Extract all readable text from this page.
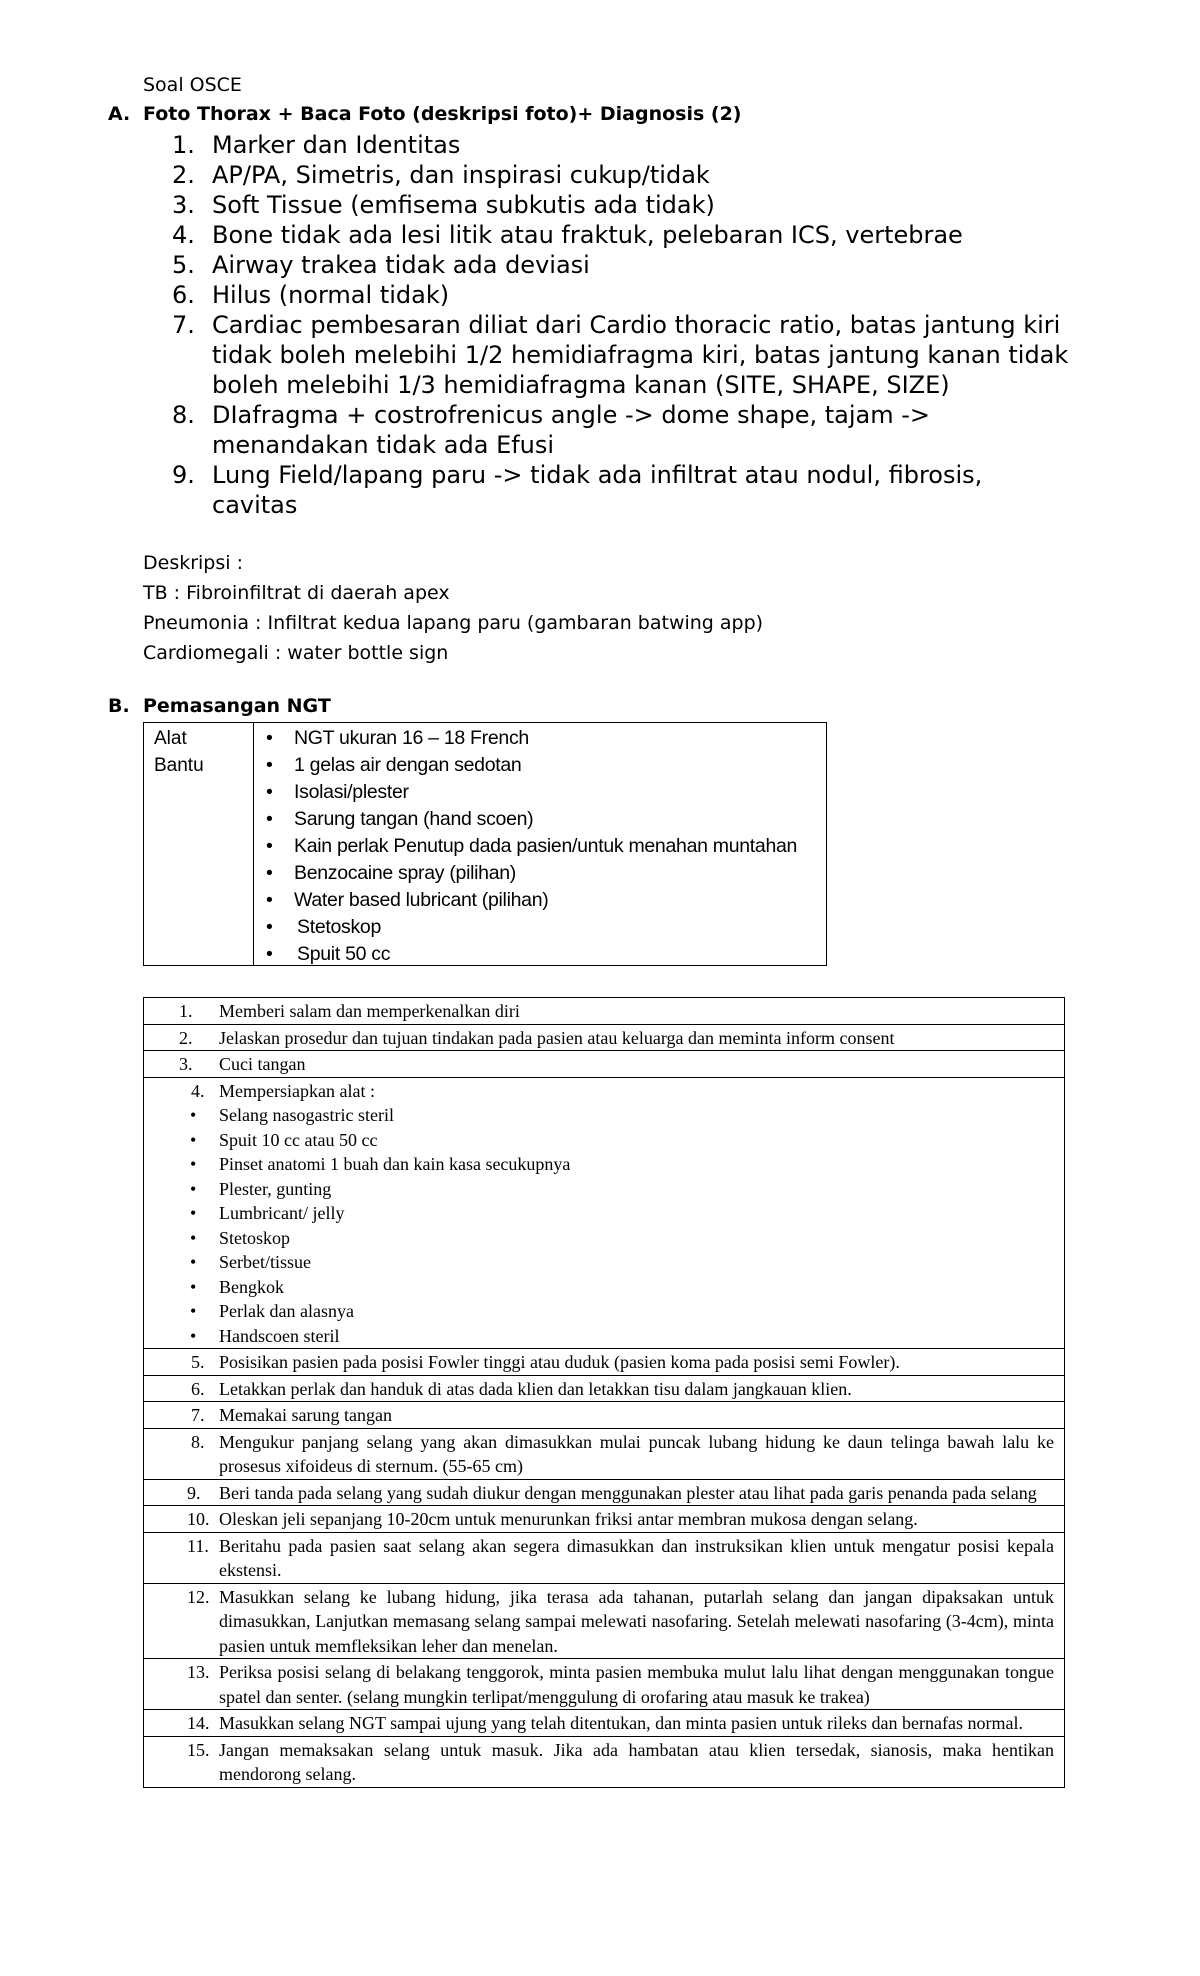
Soal OSCE
A. Foto Thorax + Baca Foto (deskripsi foto)+ Diagnosis (2)
1. Marker dan Identitas
2. AP/PA, Simetris, dan inspirasi cukup/tidak
3. Soft Tissue (emfisema subkutis ada tidak)
4. Bone tidak ada lesi litik atau fraktuk, pelebaran ICS, vertebrae
5. Airway trakea tidak ada deviasi
6. Hilus (normal tidak)
7. Cardiac pembesaran diliat dari Cardio thoracic ratio, batas jantung kiri tidak boleh melebihi 1/2 hemidiafragma kiri, batas jantung kanan tidak boleh melebihi 1/3 hemidiafragma kanan (SITE, SHAPE, SIZE)
8. DIafragma + costrofrenicus angle -> dome shape, tajam -> menandakan tidak ada Efusi
9. Lung Field/lapang paru -> tidak ada infiltrat atau nodul, fibrosis, cavitas
Deskripsi :
TB : Fibroinfiltrat di daerah apex
Pneumonia : Infiltrat kedua lapang paru (gambaran batwing app)
Cardiomegali : water bottle sign
B. Pemasangan NGT
Alat
Bantu
• NGT ukuran 16 – 18 French
• 1 gelas air dengan sedotan
• Isolasi/plester
• Sarung tangan (hand scoen)
• Kain perlak Penutup dada pasien/untuk menahan muntahan
• Benzocaine spray (pilihan)
• Water based lubricant (pilihan)
• Stetoskop
• Spuit 50 cc
1. Memberi salam dan memperkenalkan diri

2. Jelaskan prosedur dan tujuan tindakan pada pasien atau keluarga dan meminta inform consent

3. Cuci tangan

4. Mempersiapkan alat :
• Selang nasogastric steril
• Spuit 10 cc atau 50 cc
• Pinset anatomi 1 buah dan kain kasa secukupnya
• Plester, gunting
• Lumbricant/ jelly
• Stetoskop
• Serbet/tissue
• Bengkok
• Perlak dan alasnya
• Handscoen steril

5. Posisikan pasien pada posisi Fowler tinggi atau duduk (pasien koma pada posisi semi Fowler).

6. Letakkan perlak dan handuk di atas dada klien dan letakkan tisu dalam jangkauan klien.

7. Memakai sarung tangan

8. Mengukur panjang selang yang akan dimasukkan mulai puncak lubang hidung ke daun telinga bawah lalu ke prosesus xifoideus di sternum. (55-65 cm)

9. Beri tanda pada selang yang sudah diukur dengan menggunakan plester atau lihat pada garis penanda pada selang

10. Oleskan jeli sepanjang 10-20cm untuk menurunkan friksi antar membran mukosa dengan selang.

11. Beritahu pada pasien saat selang akan segera dimasukkan dan instruksikan klien untuk mengatur posisi kepala ekstensi.

12. Masukkan selang ke lubang hidung, jika terasa ada tahanan, putarlah selang dan jangan dipaksakan untuk dimasukkan, Lanjutkan memasang selang sampai melewati nasofaring. Setelah melewati nasofaring (3-4cm), minta pasien untuk memfleksikan leher dan menelan.

13. Periksa posisi selang di belakang tenggorok, minta pasien membuka mulut lalu lihat dengan menggunakan tongue spatel dan senter. (selang mungkin terlipat/menggulung di orofaring atau masuk ke trakea)

14. Masukkan selang NGT sampai ujung yang telah ditentukan, dan minta pasien untuk rileks dan bernafas normal.

15. Jangan memaksakan selang untuk masuk. Jika ada hambatan atau klien tersedak, sianosis, maka hentikan mendorong selang.
